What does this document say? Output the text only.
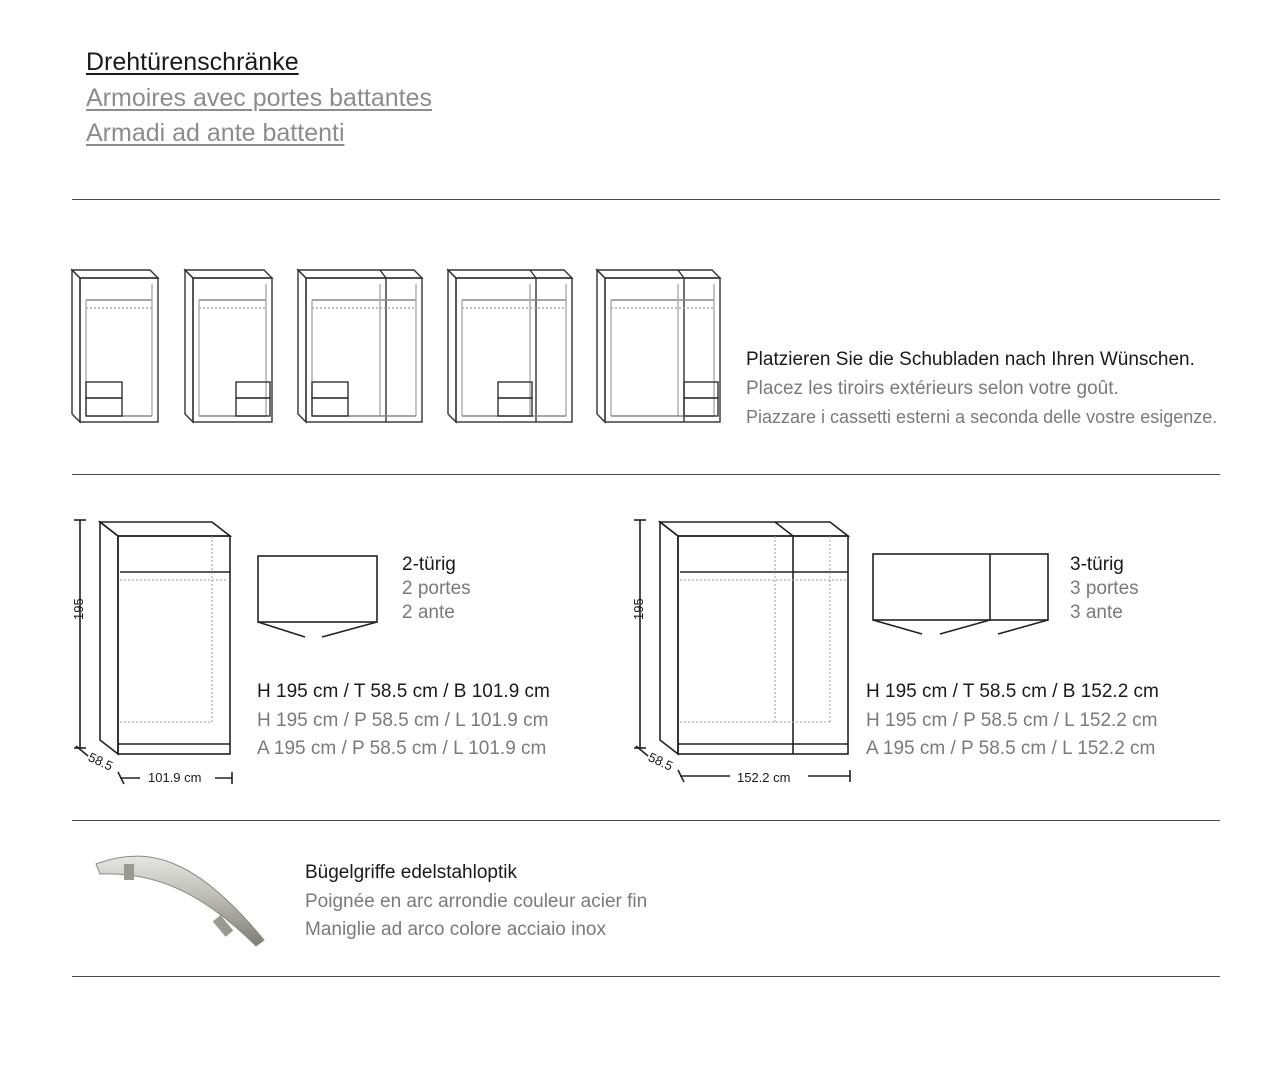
Drehtürenschränke
Armoires avec portes battantes
Armadi ad ante battenti
Platzieren Sie die Schubladen nach Ihren Wünschen.
Placez les tiroirs extérieurs selon votre goût.
Piazzare i cassetti esterni a seconda delle vostre esigenze.
195
58.5
101.9 cm
2-türig
2 portes
2 ante
H 195 cm / T 58.5 cm / B 101.9 cm
H 195 cm / P 58.5 cm / L 101.9 cm
A 195 cm / P 58.5 cm / L 101.9 cm
195
58.5
152.2 cm
3-türig
3 portes
3 ante
H 195 cm / T 58.5 cm / B 152.2 cm
H 195 cm / P 58.5 cm / L 152.2 cm
A 195 cm / P 58.5 cm / L 152.2 cm
Bügelgriffe edelstahloptik
Poignée en arc arrondie couleur acier fin
Maniglie ad arco colore acciaio inox
